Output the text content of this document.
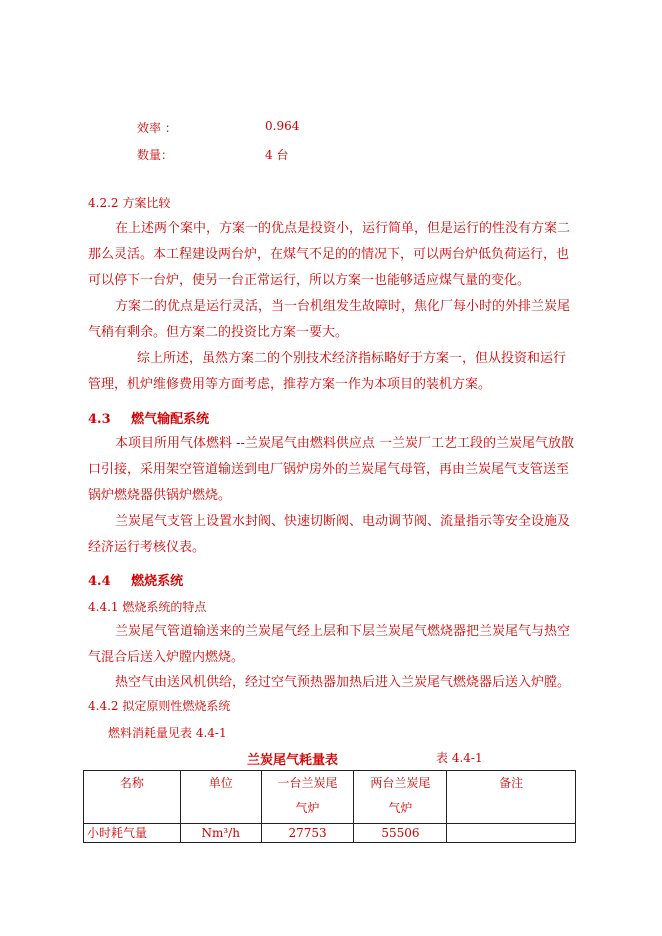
效率 ：	0.964
数量：	4 台
4.2.2 方案比较
在上述两个案中，方案一的优点是投资小，运行简单，但是运行的性没有方案二那么灵活。本工程建设两台炉，在煤气不足的的情况下，可以两台炉低负荷运行，也可以停下一台炉，使另一台正常运行，所以方案一也能够适应煤气量的变化。
方案二的优点是运行灵活，当一台机组发生故障时，焦化厂每小时的外排兰炭尾气稍有剩余。但方案二的投资比方案一要大。
综上所述，虽然方案二的个别技术经济指标略好于方案一，但从投资和运行管理，机炉维修费用等方面考虑，推荐方案一作为本项目的装机方案。
4.3 燃气输配系统
本项目所用气体燃料 --兰炭尾气由燃料供应点 一兰炭厂工艺工段的兰炭尾气放散口引接，采用架空管道输送到电厂锅炉房外的兰炭尾气母管，再由兰炭尾气支管送至锅炉燃烧器供锅炉燃烧。
兰炭尾气支管上设置水封阀、快速切断阀、电动调节阀、流量指示等安全设施及经济运行考核仪表。
4.4 燃烧系统
4.4.1 燃烧系统的特点
兰炭尾气管道输送来的兰炭尾气经上层和下层兰炭尾气燃烧器把兰炭尾气与热空气混合后送入炉膛内燃烧。
热空气由送风机供给，经过空气预热器加热后进入兰炭尾气燃烧器后送入炉膛。
4.4.2 拟定原则性燃烧系统
燃料消耗量见表 4.4-1
兰炭尾气耗量表	表 4.4-1
名称	单位	一台兰炭尾气炉	两台兰炭尾气炉	备注
小时耗气量	Nm³/h	27753	55506	
